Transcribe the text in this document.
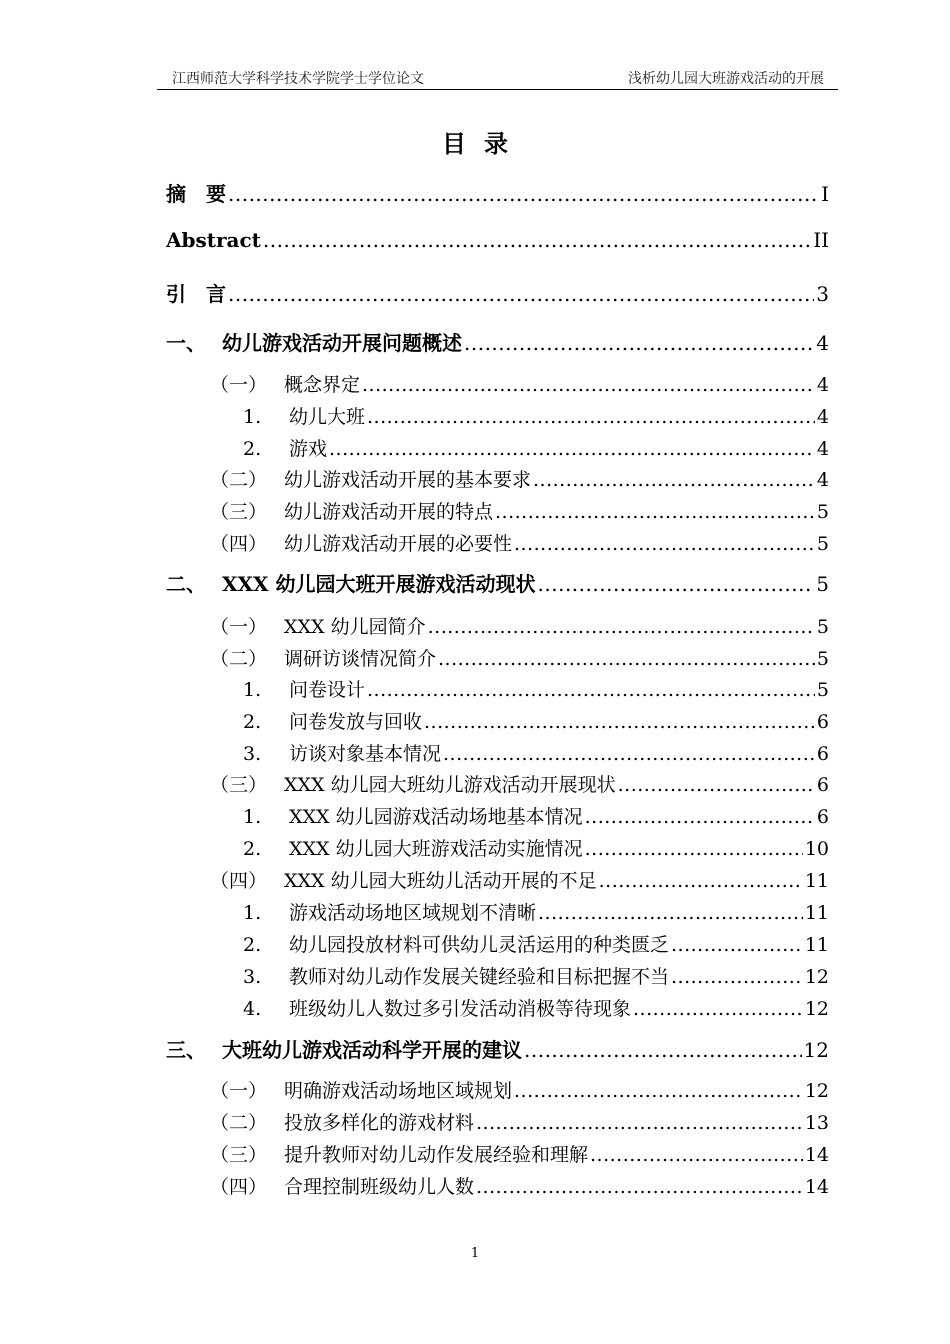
江西师范大学科学技术学院学士学位论文	浅析幼儿园大班游戏活动的开展
目录
摘　要 .....	I
Abstract .....	II
引　言 .....	3
一、 幼儿游戏活动开展问题概述 .....	4
（一） 概念界定 .....	4
1.	幼儿大班 .....	4
2.	游戏 .....	4
（二） 幼儿游戏活动开展的基本要求 .....	4
（三） 幼儿游戏活动开展的特点 .....	5
（四） 幼儿游戏活动开展的必要性 .....	5
二、 XXX 幼儿园大班开展游戏活动现状 .....	5
（一） XXX 幼儿园简介 .....	5
（二） 调研访谈情况简介 .....	5
1.	问卷设计 .....	5
2.	问卷发放与回收 .....	6
3.	访谈对象基本情况 .....	6
（三） XXX 幼儿园大班幼儿游戏活动开展现状 .....	6
1.	XXX 幼儿园游戏活动场地基本情况 .....	6
2.	XXX 幼儿园大班游戏活动实施情况 .....	10
（四） XXX 幼儿园大班幼儿活动开展的不足 .....	11
1.	游戏活动场地区域规划不清晰 .....	11
2.	幼儿园投放材料可供幼儿灵活运用的种类匮乏 .....	11
3.	教师对幼儿动作发展关键经验和目标把握不当 .....	12
4.	班级幼儿人数过多引发活动消极等待现象 .....	12
三、 大班幼儿游戏活动科学开展的建议 .....	12
（一） 明确游戏活动场地区域规划 .....	12
（二） 投放多样化的游戏材料 .....	13
（三） 提升教师对幼儿动作发展经验和理解 .....	14
（四） 合理控制班级幼儿人数 .....	14
1
